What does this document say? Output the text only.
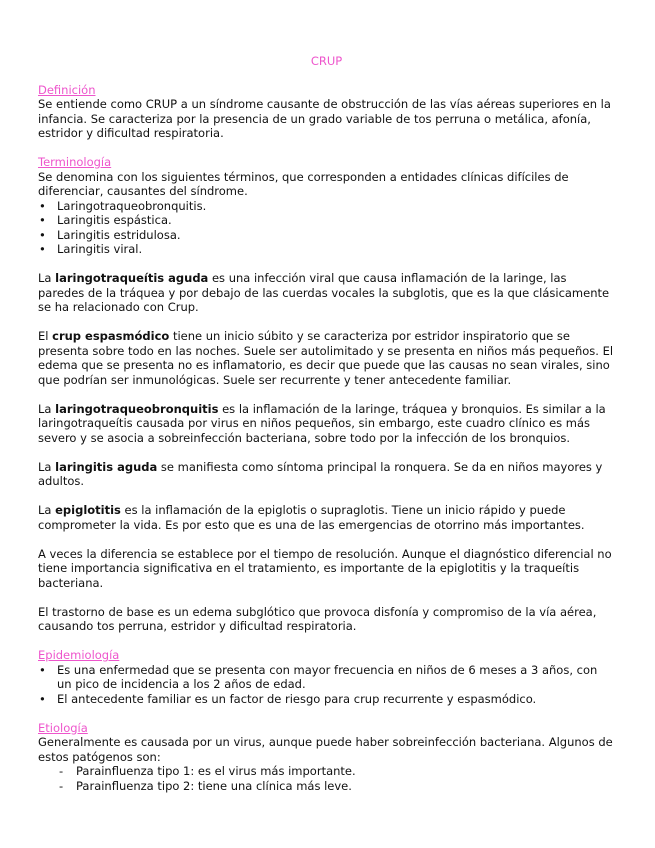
CRUP
Definición

Se entiende como CRUP a un síndrome causante de obstrucción de las vías aéreas superiores en la infancia. Se caracteriza por la presencia de un grado variable de tos perruna o metálica, afonía, estridor y dificultad respiratoria.

Terminología

Se denomina con los siguientes términos, que corresponden a entidades clínicas difíciles de diferenciar, causantes del síndrome.

• Laringotraqueobronquitis.
• Laringitis espástica.
• Laringitis estridulosa.
• Laringitis viral.

La laringotraqueítis aguda es una infección viral que causa inflamación de la laringe, las paredes de la tráquea y por debajo de las cuerdas vocales la subglotis, que es la que clásicamente se ha relacionado con Crup.

El crup espasmódico tiene un inicio súbito y se caracteriza por estridor inspiratorio que se presenta sobre todo en las noches. Suele ser autolimitado y se presenta en niños más pequeños. El edema que se presenta no es inflamatorio, es decir que puede que las causas no sean virales, sino que podrían ser inmunológicas. Suele ser recurrente y tener antecedente familiar.

La laringotraqueobronquitis es la inflamación de la laringe, tráquea y bronquios. Es similar a la laringotraqueítis causada por virus en niños pequeños, sin embargo, este cuadro clínico es más severo y se asocia a sobreinfección bacteriana, sobre todo por la infección de los bronquios.

La laringitis aguda se manifiesta como síntoma principal la ronquera. Se da en niños mayores y adultos.

La epiglotitis es la inflamación de la epiglotis o supraglotis. Tiene un inicio rápido y puede comprometer la vida. Es por esto que es una de las emergencias de otorrino más importantes.

A veces la diferencia se establece por el tiempo de resolución. Aunque el diagnóstico diferencial no tiene importancia significativa en el tratamiento, es importante de la epiglotitis y la traqueítis bacteriana.

El trastorno de base es un edema subglótico que provoca disfonía y compromiso de la vía aérea, causando tos perruna, estridor y dificultad respiratoria.

Epidemiología
• Es una enfermedad que se presenta con mayor frecuencia en niños de 6 meses a 3 años, con un pico de incidencia a los 2 años de edad.
• El antecedente familiar es un factor de riesgo para crup recurrente y espasmódico.
Etiología

Generalmente es causada por un virus, aunque puede haber sobreinfección bacteriana. Algunos de estos patógenos son:

- Parainfluenza tipo 1: es el virus más importante.
- Parainfluenza tipo 2: tiene una clínica más leve.
